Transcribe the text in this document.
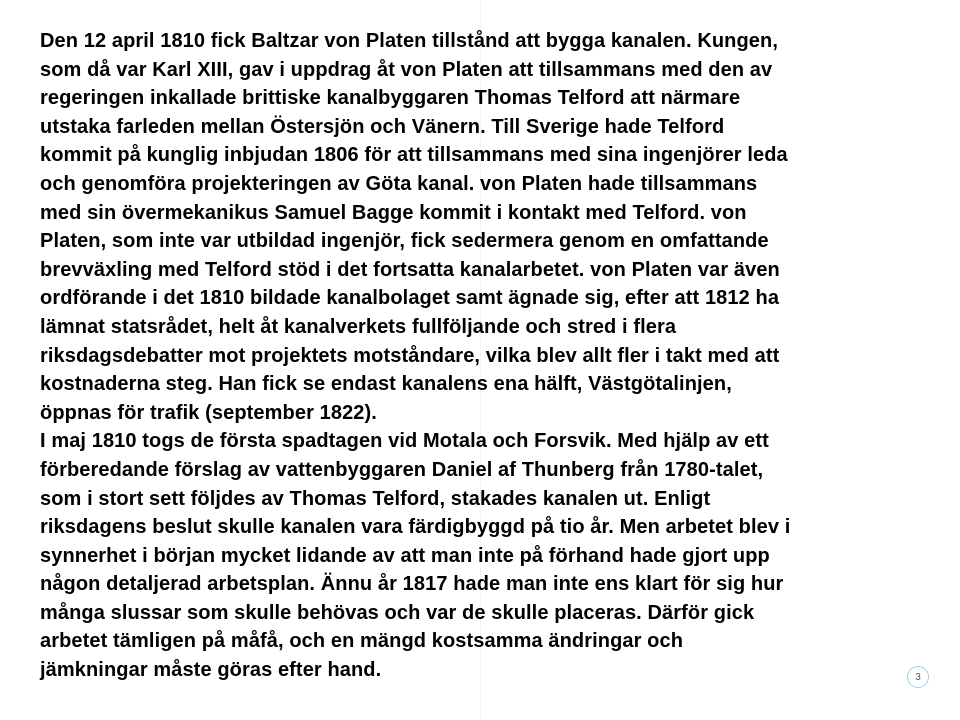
Den 12 april 1810 fick Baltzar von Platen tillstånd att bygga kanalen. Kungen,
som då var Karl XIII, gav i uppdrag åt von Platen att tillsammans med den av
regeringen inkallade brittiske kanalbyggaren Thomas Telford att närmare
utstaka farleden mellan Östersjön och Vänern. Till Sverige hade Telford
kommit på kunglig inbjudan 1806 för att tillsammans med sina ingenjörer leda
och genomföra projekteringen av Göta kanal. von Platen hade tillsammans
med sin övermekanikus Samuel Bagge kommit i kontakt med Telford. von
Platen, som inte var utbildad ingenjör, fick sedermera genom en omfattande
brevväxling med Telford stöd i det fortsatta kanalarbetet. von Platen var även
ordförande i det 1810 bildade kanalbolaget samt ägnade sig, efter att 1812 ha
lämnat statsrådet, helt åt kanalverkets fullföljande och stred i flera
riksdagsdebatter mot projektets motståndare, vilka blev allt fler i takt med att
kostnaderna steg. Han fick se endast kanalens ena hälft, Västgötalinjen,
öppnas för trafik (september 1822).

I maj 1810 togs de första spadtagen vid Motala och Forsvik. Med hjälp av ett
förberedande förslag av vattenbyggaren Daniel af Thunberg från 1780-talet,
som i stort sett följdes av Thomas Telford, stakades kanalen ut. Enligt
riksdagens beslut skulle kanalen vara färdigbyggd på tio år. Men arbetet blev i
synnerhet i början mycket lidande av att man inte på förhand hade gjort upp
någon detaljerad arbetsplan. Ännu år 1817 hade man inte ens klart för sig hur
många slussar som skulle behövas och var de skulle placeras. Därför gick
arbetet tämligen på måfå, och en mängd kostsamma ändringar och
jämkningar måste göras efter hand.	3
